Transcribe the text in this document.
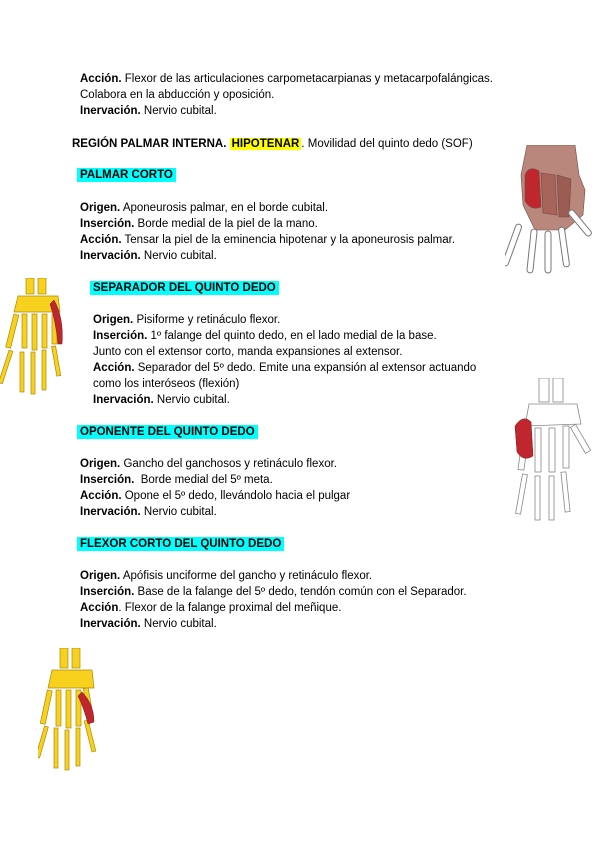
Acción. Flexor de las articulaciones carpometacarpianas y metacarpofalángicas.
Colabora en la abducción y oposición.
Inervación. Nervio cubital.
REGIÓN PALMAR INTERNA. HIPOTENAR . Movilidad del quinto dedo (SOF)
PALMAR CORTO
Origen. Aponeurosis palmar, en el borde cubital.
Inserción. Borde medial de la piel de la mano.
Acción. Tensar la piel de la eminencia hipotenar y la aponeurosis palmar.
Inervación. Nervio cubital.
SEPARADOR DEL QUINTO DEDO
Origen. Pisiforme y retináculo flexor.
Inserción. 1º falange del quinto dedo, en el lado medial de la base.
Junto con el extensor corto, manda expansiones al extensor.
Acción. Separador del 5º dedo. Emite una expansión al extensor actuando
como los interóseos (flexión)
Inervación. Nervio cubital.
OPONENTE DEL QUINTO DEDO
Origen. Gancho del ganchosos y retináculo flexor.
Inserción.  Borde medial del 5º meta.
Acción. Opone el 5º dedo, llevándolo hacia el pulgar
Inervación. Nervio cubital.
FLEXOR CORTO DEL QUINTO DEDO
Origen. Apófisis unciforme del gancho y retináculo flexor.
Inserción. Base de la falange del 5º dedo, tendón común con el Separador.
Acción. Flexor de la falange proximal del meñique.
Inervación. Nervio cubital.
